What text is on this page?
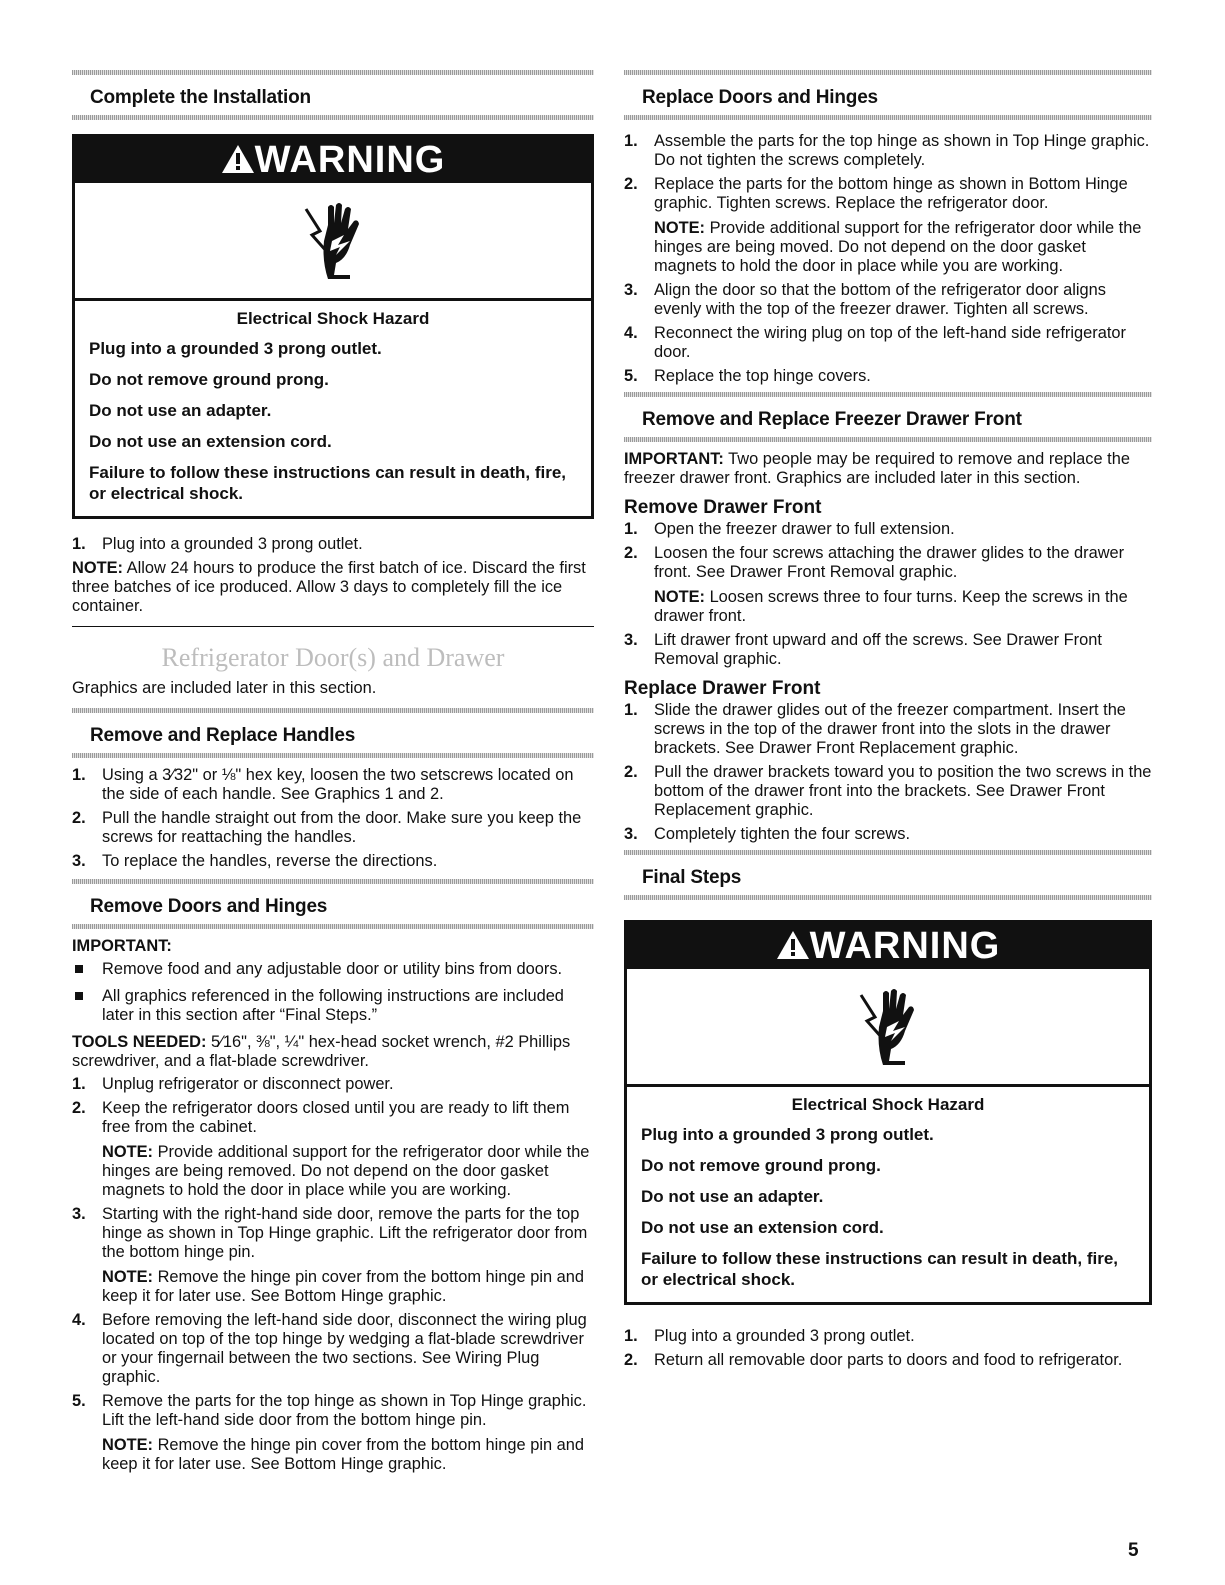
Complete the Installation
WARNING

Electrical Shock Hazard

Plug into a grounded 3 prong outlet.

Do not remove ground prong.

Do not use an adapter.

Do not use an extension cord.

Failure to follow these instructions can result in death, fire, or electrical shock.

1. Plug into a grounded 3 prong outlet.

NOTE: Allow 24 hours to produce the first batch of ice. Discard the first three batches of ice produced. Allow 3 days to completely fill the ice container.

Refrigerator Door(s) and Drawer

Graphics are included later in this section.

Remove and Replace Handles
1. Using a 3⁄32" or ⅛" hex key, loosen the two setscrews located on the side of each handle. See Graphics 1 and 2.
2. Pull the handle straight out from the door. Make sure you keep the screws for reattaching the handles.
3. To replace the handles, reverse the directions.
Remove Doors and Hinges

IMPORTANT:

Remove food and any adjustable door or utility bins from doors.
All graphics referenced in the following instructions are included later in this section after “Final Steps.”

TOOLS NEEDED: 5⁄16", ⅜", ¼" hex-head socket wrench, #2 Phillips screwdriver, and a flat-blade screwdriver.

1. Unplug refrigerator or disconnect power.
2. Keep the refrigerator doors closed until you are ready to lift them free from the cabinet.
NOTE: Provide additional support for the refrigerator door while the hinges are being removed. Do not depend on the door gasket magnets to hold the door in place while you are working.
3. Starting with the right-hand side door, remove the parts for the top hinge as shown in Top Hinge graphic. Lift the refrigerator door from the bottom hinge pin.
NOTE: Remove the hinge pin cover from the bottom hinge pin and keep it for later use. See Bottom Hinge graphic.
4. Before removing the left-hand side door, disconnect the wiring plug located on top of the top hinge by wedging a flat-blade screwdriver or your fingernail between the two sections. See Wiring Plug graphic.
5. Remove the parts for the top hinge as shown in Top Hinge graphic. Lift the left-hand side door from the bottom hinge pin.
NOTE: Remove the hinge pin cover from the bottom hinge pin and keep it for later use. See Bottom Hinge graphic.
Replace Doors and Hinges
1. Assemble the parts for the top hinge as shown in Top Hinge graphic. Do not tighten the screws completely.
2. Replace the parts for the bottom hinge as shown in Bottom Hinge graphic. Tighten screws. Replace the refrigerator door.
NOTE: Provide additional support for the refrigerator door while the hinges are being moved. Do not depend on the door gasket magnets to hold the door in place while you are working.
3. Align the door so that the bottom of the refrigerator door aligns evenly with the top of the freezer drawer. Tighten all screws.
4. Reconnect the wiring plug on top of the left-hand side refrigerator door.
5. Replace the top hinge covers.
Remove and Replace Freezer Drawer Front

IMPORTANT: Two people may be required to remove and replace the freezer drawer front. Graphics are included later in this section.

Remove Drawer Front

1. Open the freezer drawer to full extension.
2. Loosen the four screws attaching the drawer glides to the drawer front. See Drawer Front Removal graphic.
NOTE: Loosen screws three to four turns. Keep the screws in the drawer front.
3. Lift drawer front upward and off the screws. See Drawer Front Removal graphic.

Replace Drawer Front

1. Slide the drawer glides out of the freezer compartment. Insert the screws in the top of the drawer front into the slots in the drawer brackets. See Drawer Front Replacement graphic.
2. Pull the drawer brackets toward you to position the two screws in the bottom of the drawer front into the brackets. See Drawer Front Replacement graphic.
3. Completely tighten the four screws.
Final Steps
WARNING

Electrical Shock Hazard

Plug into a grounded 3 prong outlet.

Do not remove ground prong.

Do not use an adapter.

Do not use an extension cord.

Failure to follow these instructions can result in death, fire, or electrical shock.

1. Plug into a grounded 3 prong outlet.
2. Return all removable door parts to doors and food to refrigerator.
5
